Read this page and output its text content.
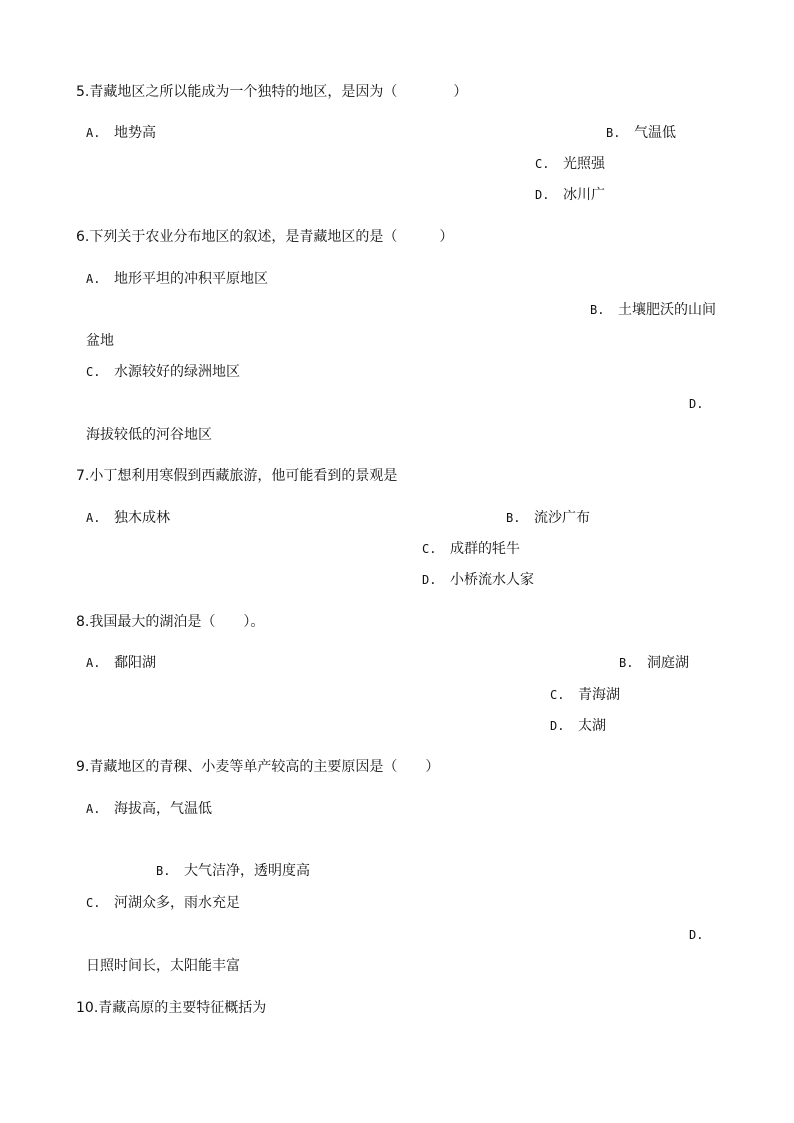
5.青藏地区之所以能成为一个独特的地区，是因为（　　　　）
A. 地势高	B. 气温低
C. 光照强
D. 冰川广
6.下列关于农业分布地区的叙述，是青藏地区的是（　　　）
A. 地形平坦的冲积平原地区
B. 土壤肥沃的山间
盆地
C. 水源较好的绿洲地区
D.
海拔较低的河谷地区
7.小丁想利用寒假到西藏旅游，他可能看到的景观是
A. 独木成林	B. 流沙广布
C. 成群的牦牛
D. 小桥流水人家
8.我国最大的湖泊是（　　）。
A. 鄱阳湖	B. 洞庭湖
C. 青海湖
D. 太湖
9.青藏地区的青稞、小麦等单产较高的主要原因是（　　）
A. 海拔高，气温低
B. 大气洁净，透明度高
C. 河湖众多，雨水充足
D.
日照时间长，太阳能丰富
10.青藏高原的主要特征概括为
